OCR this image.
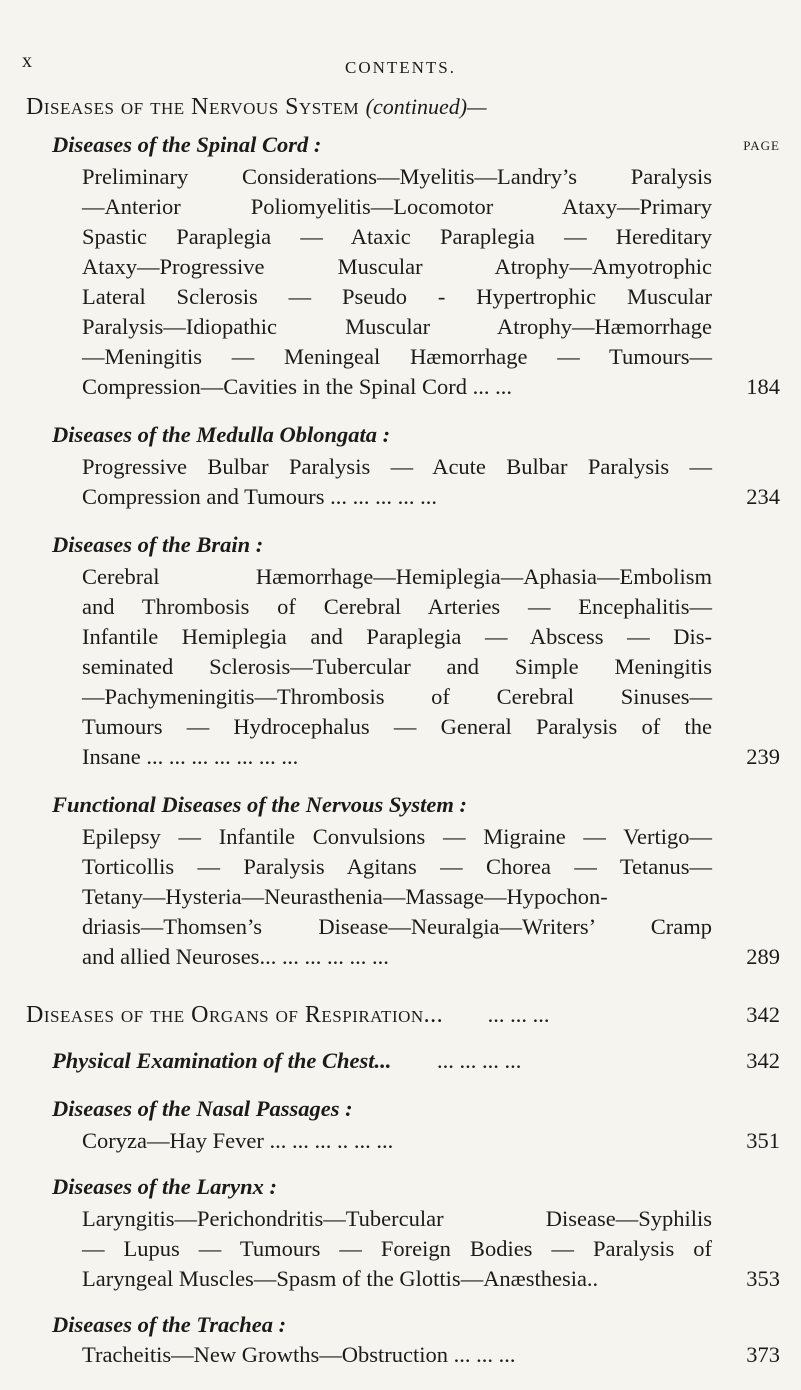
x	CONTENTS.
Diseases of the Nervous System (continued)—
Diseases of the Spinal Cord :	PAGE
Preliminary Considerations—Myelitis—Landry’s Paralysis
—Anterior Poliomyelitis—Locomotor Ataxy—Primary
Spastic Paraplegia — Ataxic Paraplegia — Hereditary
Ataxy—Progressive Muscular Atrophy—Amyotrophic
Lateral Sclerosis — Pseudo - Hypertrophic Muscular
Paralysis—Idiopathic Muscular Atrophy—Hæmorrhage
—Meningitis — Meningeal Hæmorrhage — Tumours—
Compression—Cavities in the Spinal Cord ... ...	184
Diseases of the Medulla Oblongata :
Progressive Bulbar Paralysis — Acute Bulbar Paralysis —
Compression and Tumours ... ... ... ... ...	234
Diseases of the Brain :
Cerebral Hæmorrhage—Hemiplegia—Aphasia—Embolism
and Thrombosis of Cerebral Arteries — Encephalitis—
Infantile Hemiplegia and Paraplegia — Abscess — Dis-
seminated Sclerosis—Tubercular and Simple Meningitis
—Pachymeningitis—Thrombosis of Cerebral Sinuses—
Tumours — Hydrocephalus — General Paralysis of the
Insane ... ... ... ... ... ... ...	239
Functional Diseases of the Nervous System :
Epilepsy — Infantile Convulsions — Migraine — Vertigo—
Torticollis — Paralysis Agitans — Chorea — Tetanus—
Tetany—Hysteria—Neurasthenia—Massage—Hypochon-
driasis—Thomsen’s Disease—Neuralgia—Writers’ Cramp
and allied Neuroses... ... ... ... ... ...	289
Diseases of the Organs of Respiration... ... ... ...	342
Physical Examination of the Chest... ... ... ... ...	342
Diseases of the Nasal Passages :
Coryza—Hay Fever ... ... ... .. ... ...	351
Diseases of the Larynx :
Laryngitis—Perichondritis—Tubercular Disease—Syphilis
— Lupus — Tumours — Foreign Bodies — Paralysis of
Laryngeal Muscles—Spasm of the Glottis—Anæsthesia..	353
Diseases of the Trachea :
Tracheitis—New Growths—Obstruction ... ... ...	373
